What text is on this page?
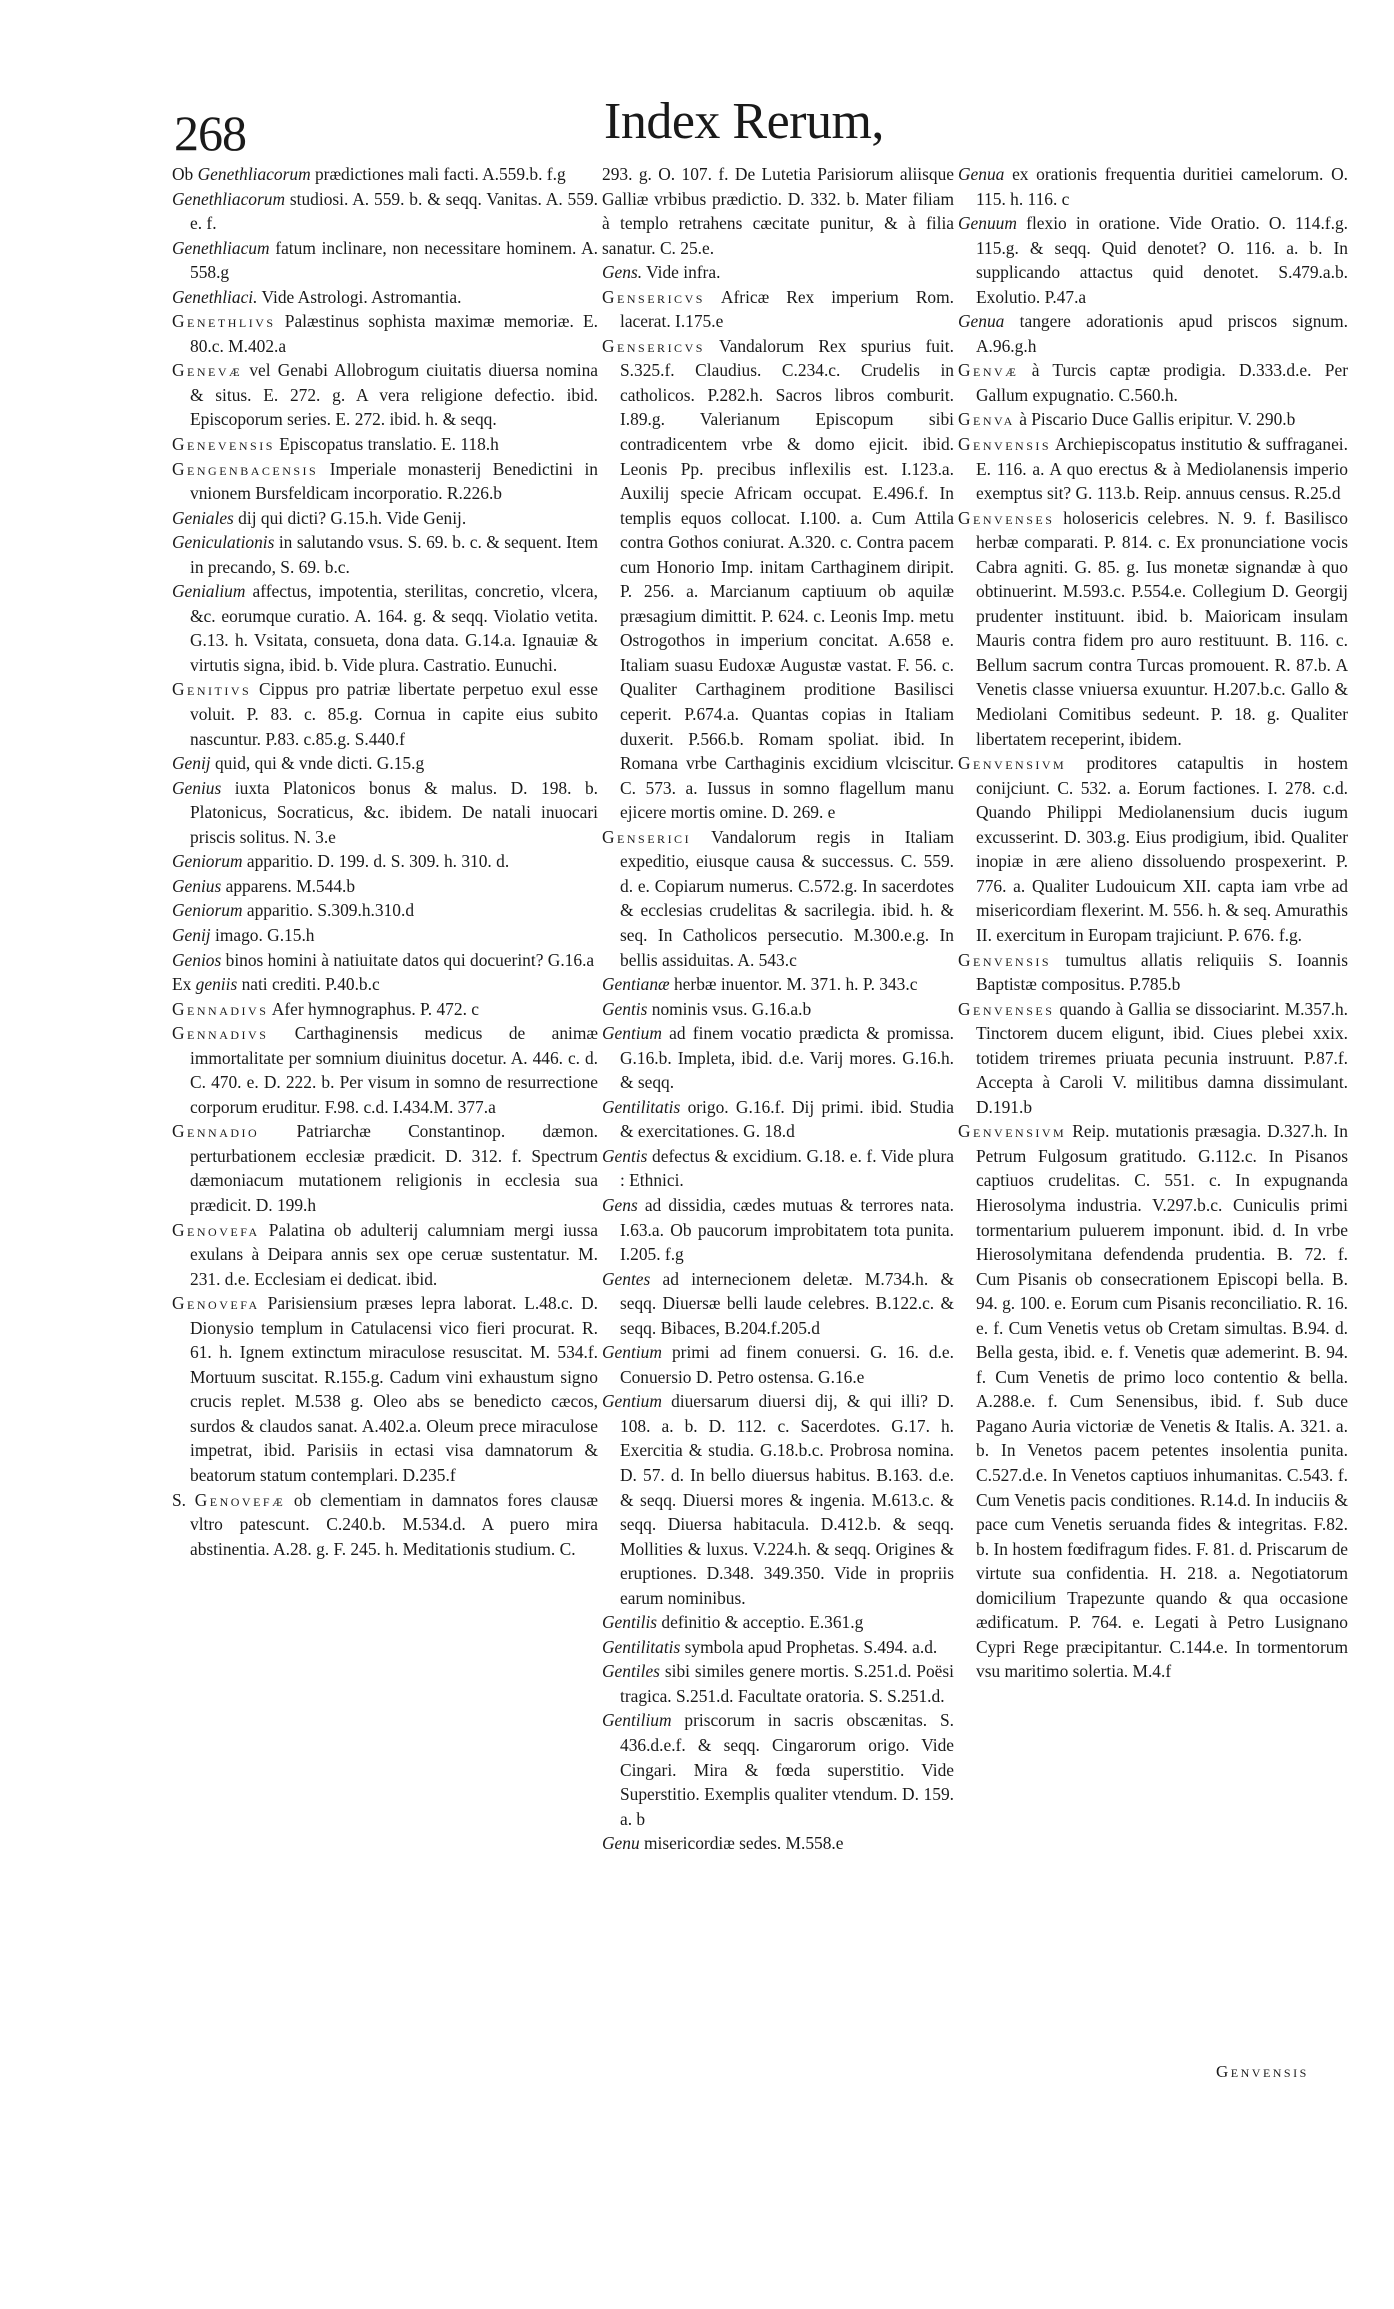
268	Index Rerum,

Ob Genethliacorum prædictiones mali facti. A.559.b. f.g

Genethliacorum studiosi. A. 559. b. & seqq. Vanitas. A. 559. e. f.

Genethliacum fatum inclinare, non necessitare hominem. A. 558.g

Genethliaci. Vide Astrologi. Astromantia.

Genethlivs Palæstinus sophista maximæ memoriæ. E. 80.c. M.402.a

Genevæ vel Genabi Allobrogum ciuitatis diuersa nomina & situs. E. 272. g. A vera religione defectio. ibid. Episcoporum series. E. 272. ibid. h. & seqq.

Genevensis Episcopatus translatio. E. 118.h

Gengenbacensis Imperiale monasterij Benedictini in vnionem Bursfeldicam incorporatio. R.226.b

Geniales dij qui dicti? G.15.h. Vide Genij.

Geniculationis in salutando vsus. S. 69. b. c. & sequent. Item in precando, S. 69. b.c.

Genialium affectus, impotentia, sterilitas, concretio, vlcera, &c. eorumque curatio. A. 164. g. & seqq. Violatio vetita. G.13. h. Vsitata, consueta, dona data. G.14.a. Ignauiæ & virtutis signa, ibid. b. Vide plura. Castratio. Eunuchi.

Genitivs Cippus pro patriæ libertate perpetuo exul esse voluit. P. 83. c. 85.g. Cornua in capite eius subito nascuntur. P.83. c.85.g. S.440.f

Genij quid, qui & vnde dicti. G.15.g

Genius iuxta Platonicos bonus & malus. D. 198. b. Platonicus, Socraticus, &c. ibidem. De natali inuocari priscis solitus. N. 3.e

Geniorum apparitio. D. 199. d. S. 309. h. 310. d.

Genius apparens. M.544.b

Geniorum apparitio. S.309.h.310.d

Genij imago. G.15.h

Genios binos homini à natiuitate datos qui docuerint? G.16.a

Ex geniis nati crediti. P.40.b.c

Gennadivs Afer hymnographus. P. 472. c

Gennadivs Carthaginensis medicus de animæ immortalitate per somnium diuinitus docetur. A. 446. c. d. C. 470. e. D. 222. b. Per visum in somno de resurrectione corporum eruditur. F.98. c.d. I.434.M. 377.a

Gennadio Patriarchæ Constantinop. dæmon. perturbationem ecclesiæ prædicit. D. 312. f. Spectrum dæmoniacum mutationem religionis in ecclesia sua prædicit. D. 199.h

Genovefa Palatina ob adulterij calumniam mergi iussa exulans à Deipara annis sex ope ceruæ sustentatur. M. 231. d.e. Ecclesiam ei dedicat. ibid.

Genovefa Parisiensium præses lepra laborat. L.48.c. D. Dionysio templum in Catulacensi vico fieri procurat. R. 61. h. Ignem extinctum miraculose resuscitat. M. 534.f. Mortuum suscitat. R.155.g. Cadum vini exhaustum signo crucis replet. M.538 g. Oleo abs se benedicto cæcos, surdos & claudos sanat. A.402.a. Oleum prece miraculose impetrat, ibid. Parisiis in ectasi visa damnatorum & beatorum statum contemplari. D.235.f

S. Genovefæ ob clementiam in damnatos fores clausæ vltro patescunt. C.240.b. M.534.d. A puero mira abstinentia. A.28. g. F. 245. h. Meditationis studium. C.

293. g. O. 107. f. De Lutetia Parisiorum aliisque Galliæ vrbibus prædictio. D. 332. b. Mater filiam à templo retrahens cæcitate punitur, & à filia sanatur. C. 25.e.

Gens. Vide infra.

Gensericvs Africæ Rex imperium Rom. lacerat. I.175.e

Gensericvs Vandalorum Rex spurius fuit. S.325.f. Claudius. C.234.c. Crudelis in catholicos. P.282.h. Sacros libros comburit. I.89.g. Valerianum Episcopum sibi contradicentem vrbe & domo ejicit. ibid. Leonis Pp. precibus inflexilis est. I.123.a. Auxilij specie Africam occupat. E.496.f. In templis equos collocat. I.100. a. Cum Attila contra Gothos coniurat. A.320. c. Contra pacem cum Honorio Imp. initam Carthaginem diripit. P. 256. a. Marcianum captiuum ob aquilæ præsagium dimittit. P. 624. c. Leonis Imp. metu Ostrogothos in imperium concitat. A.658 e. Italiam suasu Eudoxæ Augustæ vastat. F. 56. c. Qualiter Carthaginem proditione Basilisci ceperit. P.674.a. Quantas copias in Italiam duxerit. P.566.b. Romam spoliat. ibid. In Romana vrbe Carthaginis excidium vlciscitur. C. 573. a. Iussus in somno flagellum manu ejicere mortis omine. D. 269. e

Genserici Vandalorum regis in Italiam expeditio, eiusque causa & successus. C. 559. d. e. Copiarum numerus. C.572.g. In sacerdotes & ecclesias crudelitas & sacrilegia. ibid. h. & seq. In Catholicos persecutio. M.300.e.g. In bellis assiduitas. A. 543.c

Gentianæ herbæ inuentor. M. 371. h. P. 343.c

Gentis nominis vsus. G.16.a.b

Gentium ad finem vocatio prædicta & promissa. G.16.b. Impleta, ibid. d.e. Varij mores. G.16.h. & seqq.

Gentilitatis origo. G.16.f. Dij primi. ibid. Studia & exercitationes. G. 18.d

Gentis defectus & excidium. G.18. e. f. Vide plura : Ethnici.

Gens ad dissidia, cædes mutuas & terrores nata. I.63.a. Ob paucorum improbitatem tota punita. I.205. f.g

Gentes ad internecionem deletæ. M.734.h. & seqq. Diuersæ belli laude celebres. B.122.c. & seqq. Bibaces, B.204.f.205.d

Gentium primi ad finem conuersi. G. 16. d.e. Conuersio D. Petro ostensa. G.16.e

Gentium diuersarum diuersi dij, & qui illi? D. 108. a. b. D. 112. c. Sacerdotes. G.17. h. Exercitia & studia. G.18.b.c. Probrosa nomina. D. 57. d. In bello diuersus habitus. B.163. d.e. & seqq. Diuersi mores & ingenia. M.613.c. & seqq. Diuersa habitacula. D.412.b. & seqq. Mollities & luxus. V.224.h. & seqq. Origines & eruptiones. D.348. 349.350. Vide in propriis earum nominibus.

Gentilis definitio & acceptio. E.361.g

Gentilitatis symbola apud Prophetas. S.494. a.d.

Gentiles sibi similes genere mortis. S.251.d. Poësi tragica. S.251.d. Facultate oratoria. S. S.251.d.

Gentilium priscorum in sacris obscænitas. S. 436.d.e.f. & seqq. Cingarorum origo. Vide Cingari. Mira & fœda superstitio. Vide Superstitio. Exemplis qualiter vtendum. D. 159. a. b

Genu misericordiæ sedes. M.558.e

Genua ex orationis frequentia duritiei camelorum. O. 115. h. 116. c

Genuum flexio in oratione. Vide Oratio. O. 114.f.g. 115.g. & seqq. Quid denotet? O. 116. a. b. In supplicando attactus quid denotet. S.479.a.b. Exolutio. P.47.a

Genua tangere adorationis apud priscos signum. A.96.g.h

Genvæ à Turcis captæ prodigia. D.333.d.e. Per Gallum expugnatio. C.560.h.

Genva à Piscario Duce Gallis eripitur. V. 290.b

Genvensis Archiepiscopatus institutio & suffraganei. E. 116. a. A quo erectus & à Mediolanensis imperio exemptus sit? G. 113.b. Reip. annuus census. R.25.d

Genvenses holosericis celebres. N. 9. f. Basilisco herbæ comparati. P. 814. c. Ex pronunciatione vocis Cabra agniti. G. 85. g. Ius monetæ signandæ à quo obtinuerint. M.593.c. P.554.e. Collegium D. Georgij prudenter instituunt. ibid. b. Maioricam insulam Mauris contra fidem pro auro restituunt. B. 116. c. Bellum sacrum contra Turcas promouent. R. 87.b. A Venetis classe vniuersa exuuntur. H.207.b.c. Gallo & Mediolani Comitibus sedeunt. P. 18. g. Qualiter libertatem receperint, ibidem.

Genvensivm proditores catapultis in hostem conijciunt. C. 532. a. Eorum factiones. I. 278. c.d. Quando Philippi Mediolanensium ducis iugum excusserint. D. 303.g. Eius prodigium, ibid. Qualiter inopiæ in ære alieno dissoluendo prospexerint. P. 776. a. Qualiter Ludouicum XII. capta iam vrbe ad misericordiam flexerint. M. 556. h. & seq. Amurathis II. exercitum in Europam trajiciunt. P. 676. f.g.

Genvensis tumultus allatis reliquiis S. Ioannis Baptistæ compositus. P.785.b

Genvenses quando à Gallia se dissociarint. M.357.h. Tinctorem ducem eligunt, ibid. Ciues plebei xxix. totidem triremes priuata pecunia instruunt. P.87.f. Accepta à Caroli V. militibus damna dissimulant. D.191.b

Genvensivm Reip. mutationis præsagia. D.327.h. In Petrum Fulgosum gratitudo. G.112.c. In Pisanos captiuos crudelitas. C. 551. c. In expugnanda Hierosolyma industria. V.297.b.c. Cuniculis primi tormentarium puluerem imponunt. ibid. d. In vrbe Hierosolymitana defendenda prudentia. B. 72. f. Cum Pisanis ob consecrationem Episcopi bella. B. 94. g. 100. e. Eorum cum Pisanis reconciliatio. R. 16. e. f. Cum Venetis vetus ob Cretam simultas. B.94. d. Bella gesta, ibid. e. f. Venetis quæ ademerint. B. 94. f. Cum Venetis de primo loco contentio & bella. A.288.e. f. Cum Senensibus, ibid. f. Sub duce Pagano Auria victoriæ de Venetis & Italis. A. 321. a. b. In Venetos pacem petentes insolentia punita. C.527.d.e. In Venetos captiuos inhumanitas. C.543. f. Cum Venetis pacis conditiones. R.14.d. In induciis & pace cum Venetis seruanda fides & integritas. F.82. b. In hostem fœdifragum fides. F. 81. d. Priscarum de virtute sua confidentia. H. 218. a. Negotiatorum domicilium Trapezunte quando & qua occasione ædificatum. P. 764. e. Legati à Petro Lusignano Cypri Rege præcipitantur. C.144.e. In tormentorum vsu maritimo solertia. M.4.f

Genvensis
